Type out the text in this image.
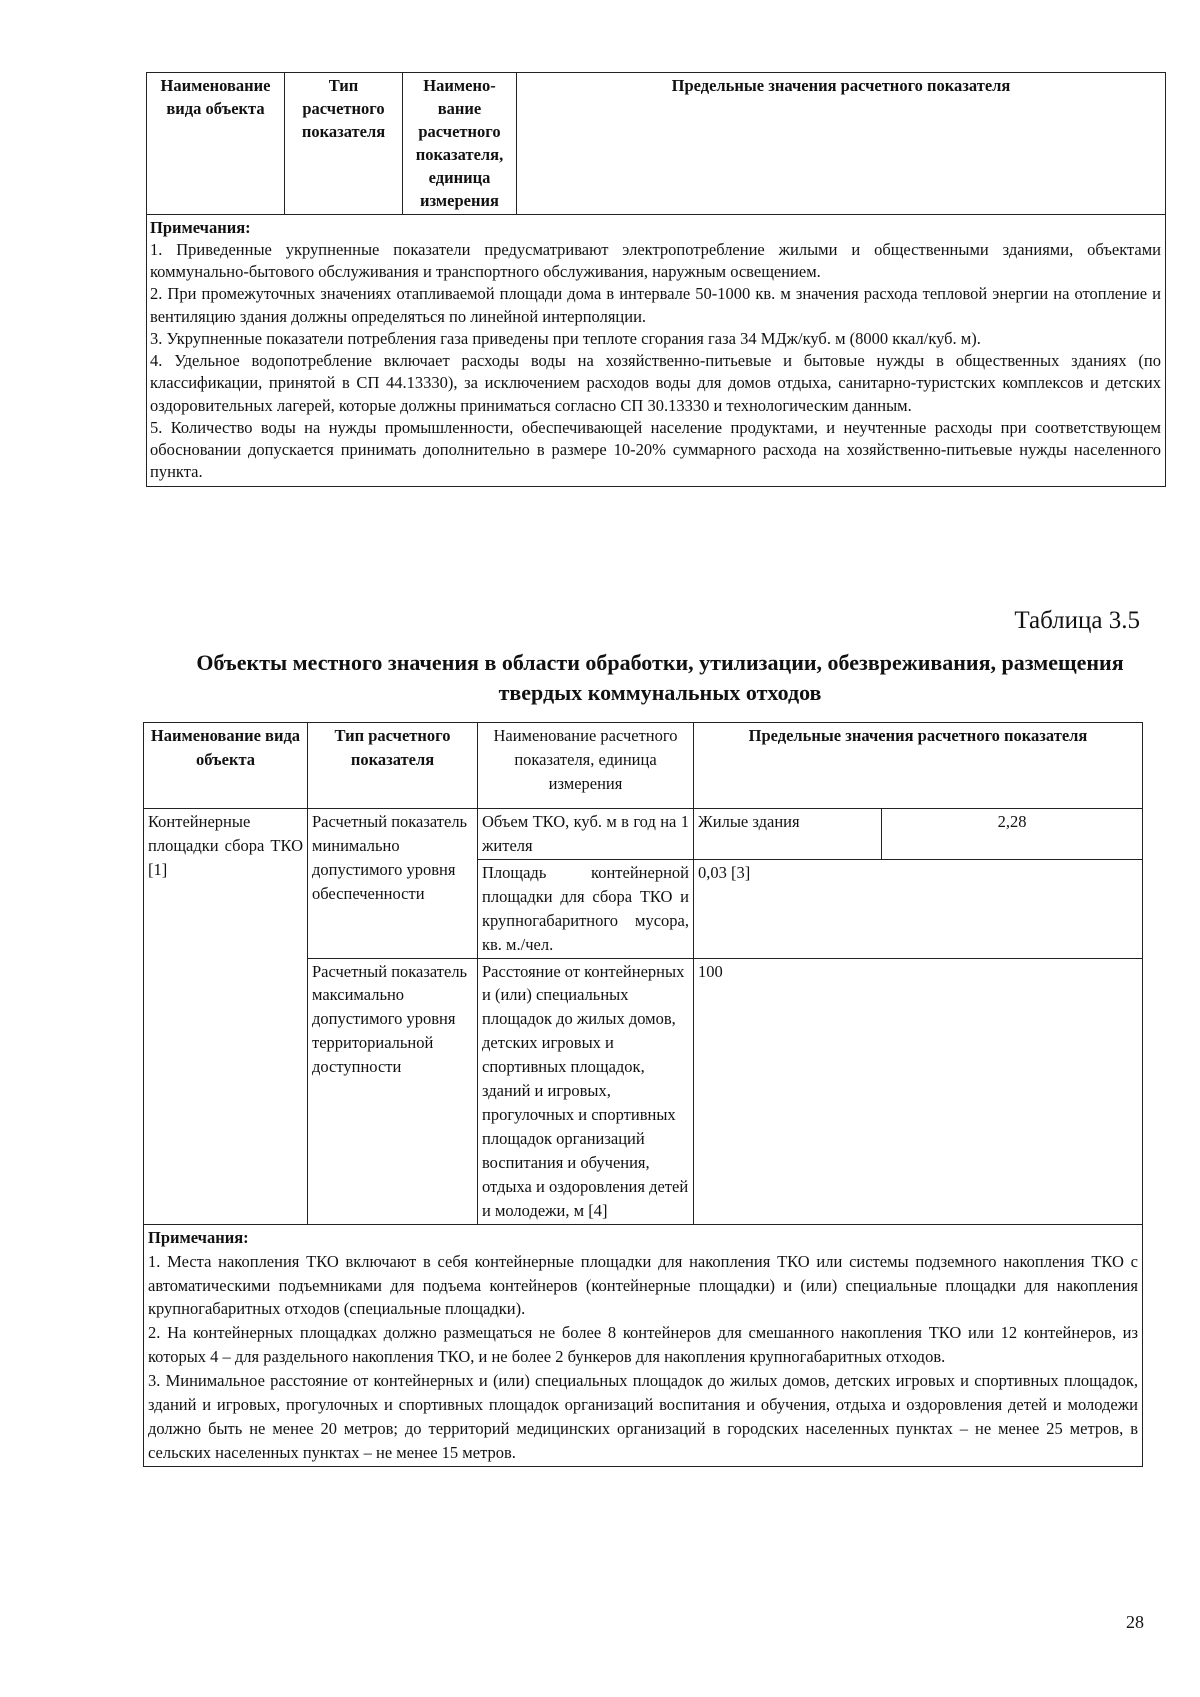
Наименование вида объекта	Тип расчетного показателя	Наимено-вание расчетного показателя, единица измерения	Предельные значения расчетного показателя

Примечания:

1. Приведенные укрупненные показатели предусматривают электропотребление жилыми и общественными зданиями, объектами коммунально-бытового обслуживания и транспортного обслуживания, наружным освещением.

2. При промежуточных значениях отапливаемой площади дома в интервале 50-1000 кв. м значения расхода тепловой энергии на отопление и вентиляцию здания должны определяться по линейной интерполяции.

3. Укрупненные показатели потребления газа приведены при теплоте сгорания газа 34 МДж/куб. м (8000 ккал/куб. м).

4. Удельное водопотребление включает расходы воды на хозяйственно-питьевые и бытовые нужды в общественных зданиях (по классификации, принятой в СП 44.13330), за исключением расходов воды для домов отдыха, санитарно-туристских комплексов и детских оздоровительных лагерей, которые должны приниматься согласно СП 30.13330 и технологическим данным.

5. Количество воды на нужды промышленности, обеспечивающей население продуктами, и неучтенные расходы при соответствующем обосновании допускается принимать дополнительно в размере 10-20% суммарного расхода на хозяйственно-питьевые нужды населенного пункта.

Таблица 3.5
Объекты местного значения в области обработки, утилизации, обезвреживания, размещения твердых коммунальных отходов
Наименование вида объекта	Тип расчетного показателя	Наименование расчетного показателя, единица измерения	Предельные значения расчетного показателя	
Контейнерные площадки сбора ТКО [1]	Расчетный показатель минимально допустимого уровня обеспеченности	Объем ТКО, куб. м в год на 1 жителя	Жилые здания	2,28
		Площадь контейнерной площадки для сбора ТКО и крупногабаритного мусора, кв. м./чел.	0,03 [3]	
	Расчетный показатель максимально допустимого уровня территориальной доступности	Расстояние от контейнерных и (или) специальных площадок до жилых домов, детских игровых и спортивных площадок, зданий и игровых, прогулочных и спортивных площадок организаций воспитания и обучения, отдыха и оздоровления детей и молодежи, м [4]	100	

Примечания:

1. Места накопления ТКО включают в себя контейнерные площадки для накопления ТКО или системы подземного накопления ТКО с автоматическими подъемниками для подъема контейнеров (контейнерные площадки) и (или) специальные площадки для накопления крупногабаритных отходов (специальные площадки).

2. На контейнерных площадках должно размещаться не более 8 контейнеров для смешанного накопления ТКО или 12 контейнеров, из которых 4 – для раздельного накопления ТКО, и не более 2 бункеров для накопления крупногабаритных отходов.

3. Минимальное расстояние от контейнерных и (или) специальных площадок до жилых домов, детских игровых и спортивных площадок, зданий и игровых, прогулочных и спортивных площадок организаций воспитания и обучения, отдыха и оздоровления детей и молодежи должно быть не менее 20 метров; до территорий медицинских организаций в городских населенных пунктах – не менее 25 метров, в сельских населенных пунктах – не менее 15 метров.				

28
